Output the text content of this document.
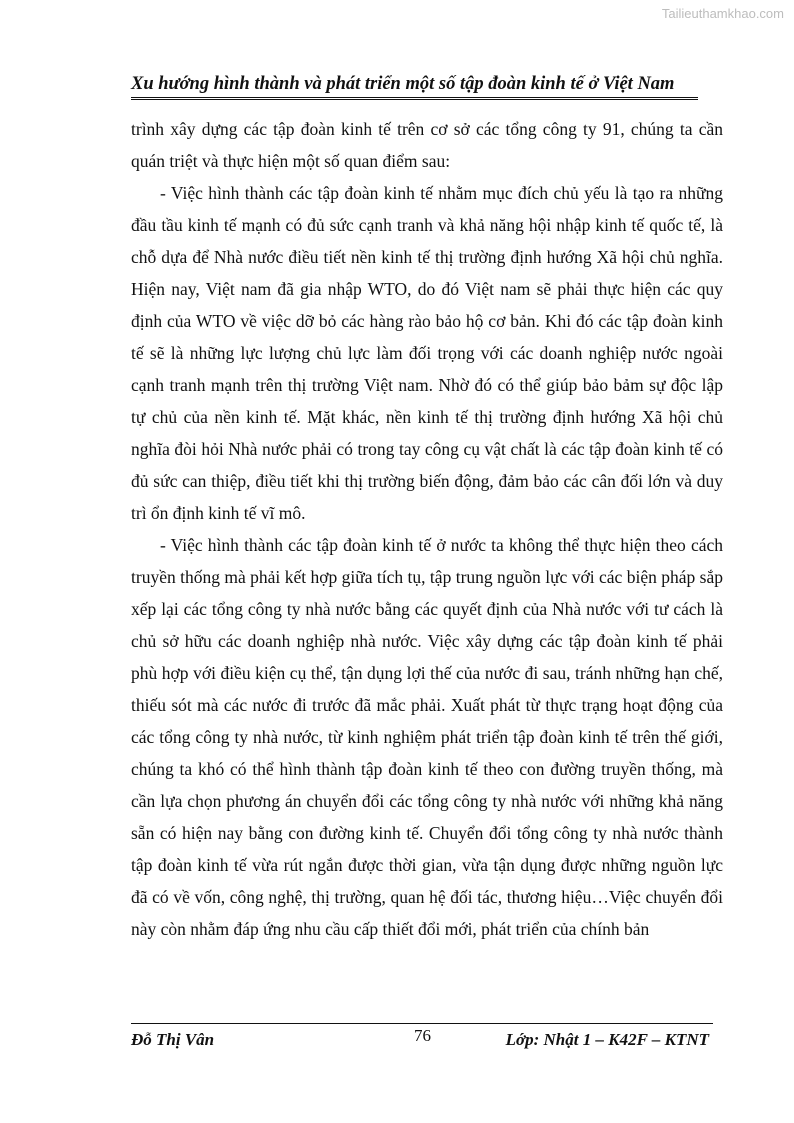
Tailieuthamkhao.com
Xu hướng hình thành và phát triển một số tập đoàn kinh tế ở Việt Nam

trình xây dựng các tập đoàn kinh tế trên cơ sở các tổng công ty 91, chúng ta cần quán triệt và thực hiện một số quan điểm sau:

- Việc hình thành các tập đoàn kinh tế nhằm mục đích chủ yếu là tạo ra những đầu tầu kinh tế mạnh có đủ sức cạnh tranh và khả năng hội nhập kinh tế quốc tế, là chỗ dựa để Nhà nước điều tiết nền kinh tế thị trường định hướng Xã hội chủ nghĩa. Hiện nay, Việt nam đã gia nhập WTO, do đó Việt nam sẽ phải thực hiện các quy định của WTO về việc dỡ bỏ các hàng rào bảo hộ cơ bản. Khi đó các tập đoàn kinh tế sẽ là những lực lượng chủ lực làm đối trọng với các doanh nghiệp nước ngoài cạnh tranh mạnh trên thị trường Việt nam. Nhờ đó có thể giúp bảo bảm sự độc lập tự chủ của nền kinh tế. Mặt khác, nền kinh tế thị trường định hướng Xã hội chủ nghĩa đòi hỏi Nhà nước phải có trong tay công cụ vật chất là các tập đoàn kinh tế có đủ sức can thiệp, điều tiết khi thị trường biến động, đảm bảo các cân đối lớn và duy trì ổn định kinh tế vĩ mô.

- Việc hình thành các tập đoàn kinh tế ở nước ta không thể thực hiện theo cách truyền thống mà phải kết hợp giữa tích tụ, tập trung nguồn lực với các biện pháp sắp xếp lại các tổng công ty nhà nước bằng các quyết định của Nhà nước với tư cách là chủ sở hữu các doanh nghiệp nhà nước. Việc xây dựng các tập đoàn kinh tế phải phù hợp với điều kiện cụ thể, tận dụng lợi thế của nước đi sau, tránh những hạn chế, thiếu sót mà các nước đi trước đã mắc phải. Xuất phát từ thực trạng hoạt động của các tổng công ty nhà nước, từ kinh nghiệm phát triển tập đoàn kinh tế trên thế giới, chúng ta khó có thể hình thành tập đoàn kinh tế theo con đường truyền thống, mà cần lựa chọn phương án chuyển đổi các tổng công ty nhà nước với những khả năng sẵn có hiện nay bằng con đường kinh tế. Chuyển đổi tổng công ty nhà nước thành tập đoàn kinh tế vừa rút ngắn được thời gian, vừa tận dụng được những nguồn lực đã có về vốn, công nghệ, thị trường, quan hệ đối tác, thương hiệu…Việc chuyển đổi này còn nhằm đáp ứng nhu cầu cấp thiết đổi mới, phát triển của chính bản

Đỗ Thị Vân	76	Lớp: Nhật 1 – K42F – KTNT
